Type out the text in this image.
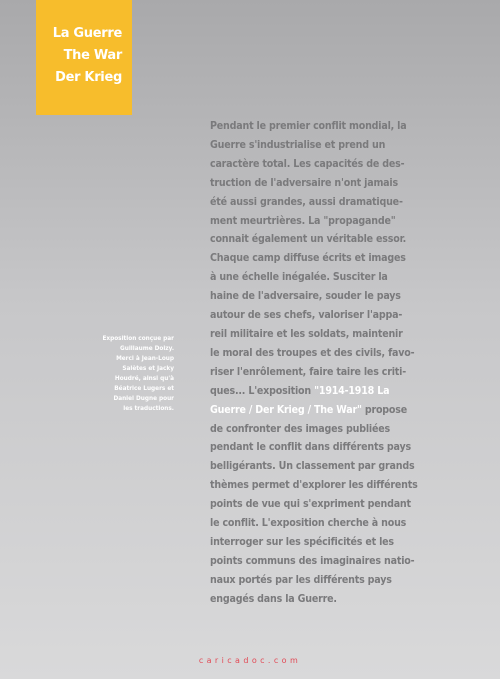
La Guerre
The War
Der Krieg
Exposition conçue par
Guillaume Doizy.
Merci à Jean-Loup
Salètes et Jacky
Houdré, ainsi qu'à
Béatrice Lugers et
Daniel Dugne pour
les traductions.
Pendant le premier conflit mondial, la
Guerre s'industrialise et prend un
caractère total. Les capacités de des-
truction de l'adversaire n'ont jamais
été aussi grandes, aussi dramatique-
ment meurtrières. La "propagande"
connait également un véritable essor.
Chaque camp diffuse écrits et images
à une échelle inégalée. Susciter la
haine de l'adversaire, souder le pays
autour de ses chefs, valoriser l'appa-
reil militaire et les soldats, maintenir
le moral des troupes et des civils, favo-
riser l'enrôlement, faire taire les criti-
ques... L'exposition "1914-1918 La
Guerre / Der Krieg / The War" propose
de confronter des images publiées
pendant le conflit dans différents pays
belligérants. Un classement par grands
thèmes permet d'explorer les différents
points de vue qui s'expriment pendant
le conflit. L'exposition cherche à nous
interroger sur les spécificités et les
points communs des imaginaires natio-
naux portés par les différents pays
engagés dans la Guerre.
caricadoc.com
